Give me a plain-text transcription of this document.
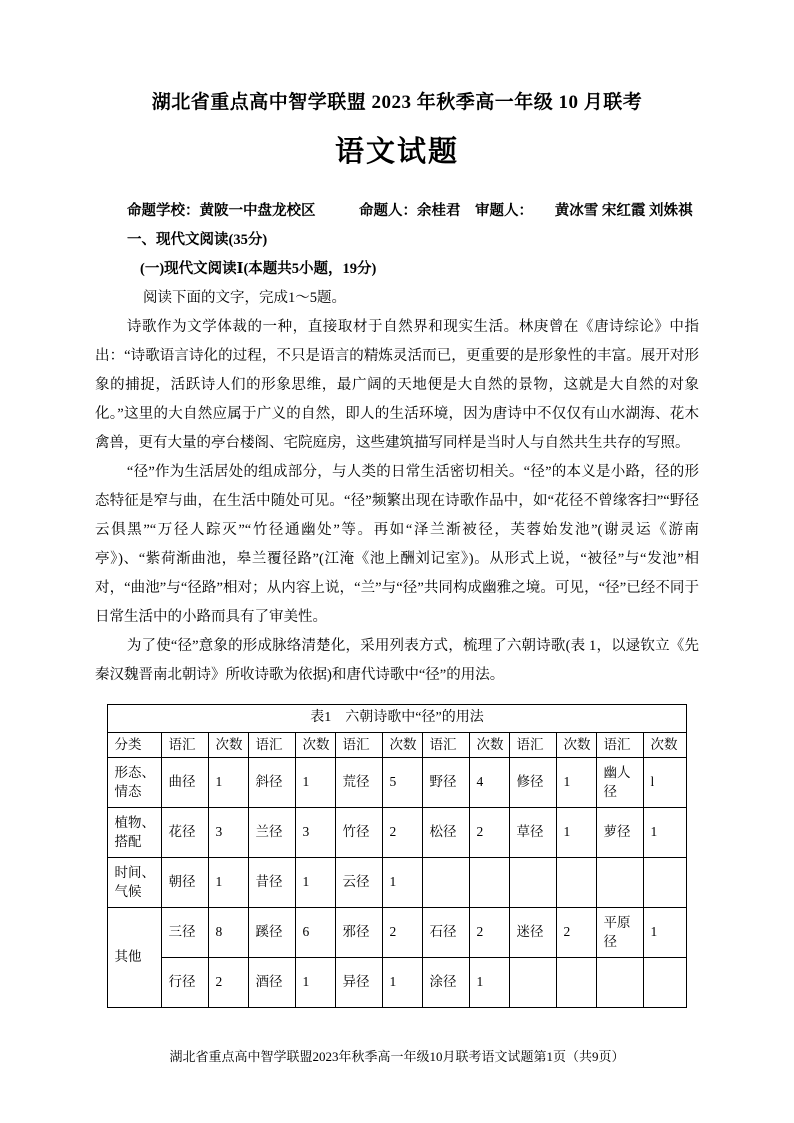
湖北省重点高中智学联盟 2023 年秋季高一年级 10 月联考
语文试题

命题学校：黄陂一中盘龙校区　　　命题人：余桂君　审题人：　　黄冰雪 宋红霞 刘姝祺

一、现代文阅读(35分)

(一)现代文阅读Ⅰ(本题共5小题，19分)

阅读下面的文字，完成1～5题。

诗歌作为文学体裁的一种，直接取材于自然界和现实生活。林庚曾在《唐诗综论》中指出：“诗歌语言诗化的过程，不只是语言的精炼灵活而已，更重要的是形象性的丰富。展开对形象的捕捉，活跃诗人们的形象思维，最广阔的天地便是大自然的景物，这就是大自然的对象化。”这里的大自然应属于广义的自然，即人的生活环境，因为唐诗中不仅仅有山水湖海、花木禽兽，更有大量的亭台楼阁、宅院庭房，这些建筑描写同样是当时人与自然共生共存的写照。

“径”作为生活居处的组成部分，与人类的日常生活密切相关。“径”的本义是小路，径的形态特征是窄与曲，在生活中随处可见。“径”频繁出现在诗歌作品中，如“花径不曾缘客扫”“野径云俱黑”“万径人踪灭”“竹径通幽处”等。再如“泽兰渐被径，芙蓉始发池”(谢灵运《游南亭》)、“紫荷渐曲池，皋兰覆径路”(江淹《池上酬刘记室》)。从形式上说，“被径”与“发池”相对，“曲池”与“径路”相对；从内容上说，“兰”与“径”共同构成幽雅之境。可见，“径”已经不同于日常生活中的小路而具有了审美性。

为了使“径”意象的形成脉络清楚化，采用列表方式，梳理了六朝诗歌(表 1，以逯钦立《先秦汉魏晋南北朝诗》所收诗歌为依据)和唐代诗歌中“径”的用法。

表1　六朝诗歌中“径”的用法													
分类	语汇	次数	语汇	次数	语汇	次数	语汇	次数	语汇	次数	语汇	次数	
形态、情态	曲径	1	斜径	1	荒径	5	野径	4	修径	1	幽人径	l	
植物、搭配	花径	3	兰径	3	竹径	2	松径	2	草径	1	萝径	1	
时间、气候	朝径	1	昔径	1	云径	1							
其他	三径	8	蹊径	6	邪径	2	石径	2	迷径	2	平原径	1	
	行径	2	酒径	1	异径	1	涂径	1					

湖北省重点高中智学联盟2023年秋季高一年级10月联考语文试题第1页（共9页）
